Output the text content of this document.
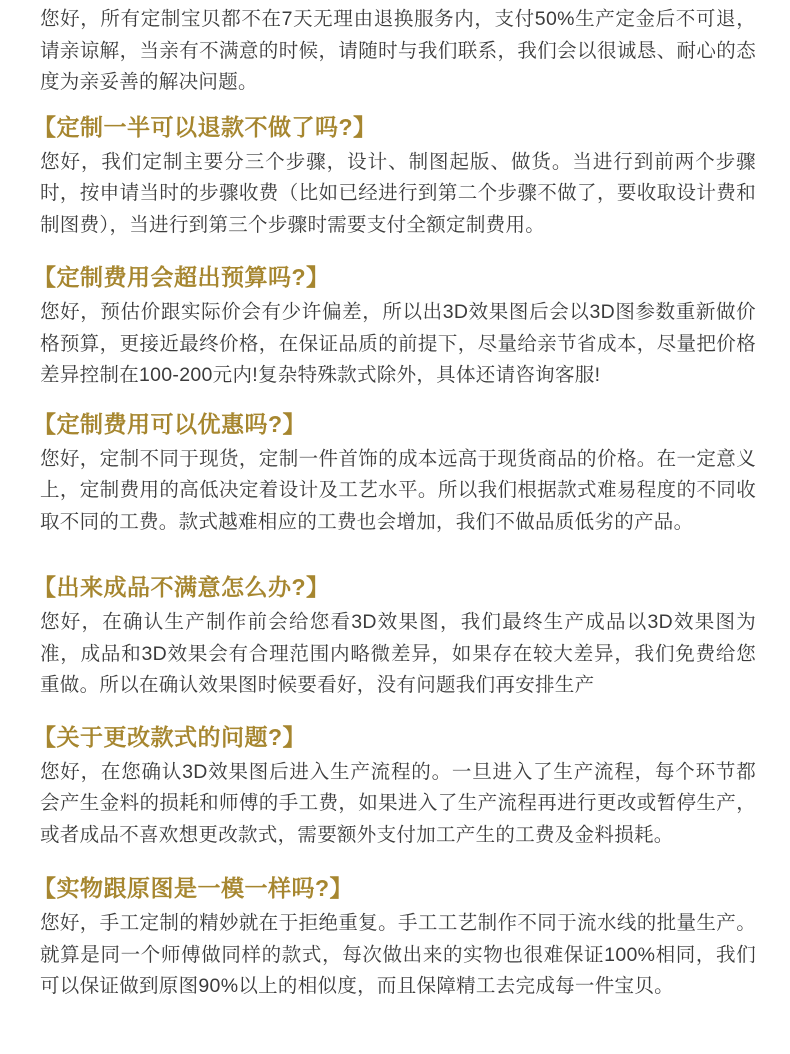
您好，所有定制宝贝都不在7天无理由退换服务内，支付50%生产定金后不可退，请亲谅解，当亲有不满意的时候，请随时与我们联系，我们会以很诚恳、耐心的态度为亲妥善的解决问题。

【定制一半可以退款不做了吗?】

您好，我们定制主要分三个步骤，设计、制图起版、做货。当进行到前两个步骤时，按申请当时的步骤收费（比如已经进行到第二个步骤不做了，要收取设计费和制图费），当进行到第三个步骤时需要支付全额定制费用。

【定制费用会超出预算吗?】

您好，预估价跟实际价会有少许偏差，所以出3D效果图后会以3D图参数重新做价格预算，更接近最终价格，在保证品质的前提下，尽量给亲节省成本，尽量把价格差异控制在100-200元内!复杂特殊款式除外，具体还请咨询客服!

【定制费用可以优惠吗?】

您好，定制不同于现货，定制一件首饰的成本远高于现货商品的价格。在一定意义上，定制费用的高低决定着设计及工艺水平。所以我们根据款式难易程度的不同收取不同的工费。款式越难相应的工费也会增加，我们不做品质低劣的产品。

【出来成品不满意怎么办?】

您好，在确认生产制作前会给您看3D效果图，我们最终生产成品以3D效果图为准，成品和3D效果会有合理范围内略微差异，如果存在较大差异，我们免费给您重做。所以在确认效果图时候要看好，没有问题我们再安排生产

【关于更改款式的问题?】

您好，在您确认3D效果图后进入生产流程的。一旦进入了生产流程，每个环节都会产生金料的损耗和师傅的手工费，如果进入了生产流程再进行更改或暂停生产，或者成品不喜欢想更改款式，需要额外支付加工产生的工费及金料损耗。

【实物跟原图是一模一样吗?】

您好，手工定制的精妙就在于拒绝重复。手工工艺制作不同于流水线的批量生产。就算是同一个师傅做同样的款式，每次做出来的实物也很难保证100%相同，我们可以保证做到原图90%以上的相似度，而且保障精工去完成每一件宝贝。
